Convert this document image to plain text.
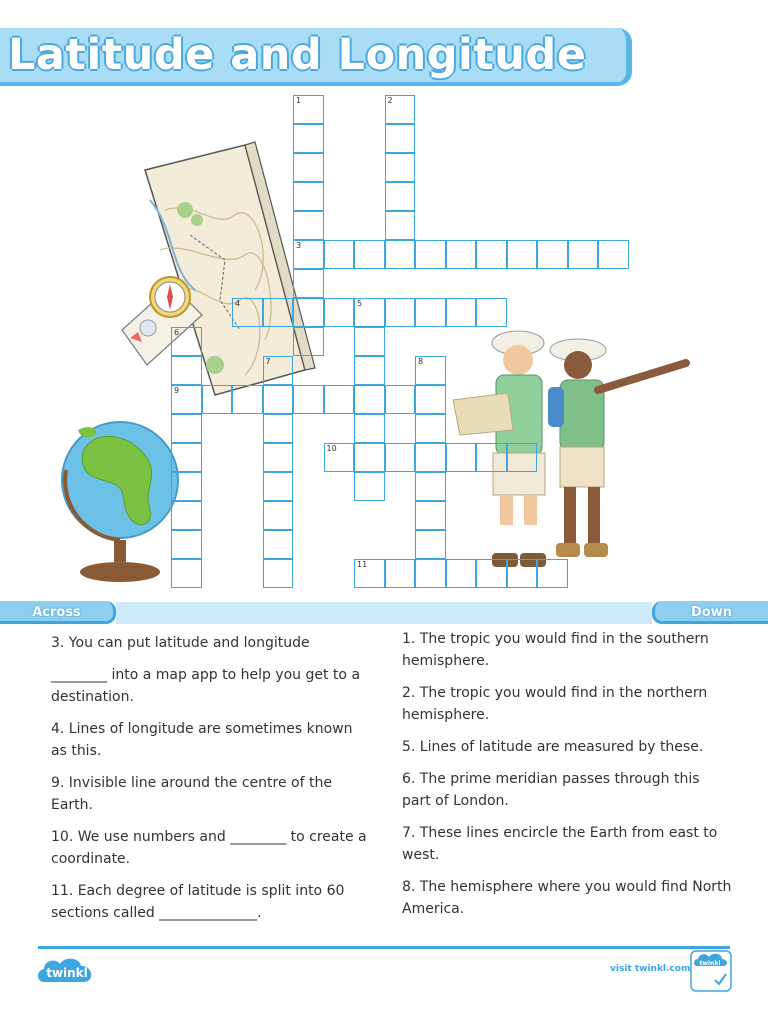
Latitude and Longitude
1
3
2
4	5
6
9
7	8
10
11
Across	Down

3. You can put latitude and longitude

________ into a map app to help you get to a destination.

4. Lines of longitude are sometimes known as this.

9. Invisible line around the centre of the Earth.

10. We use numbers and ________ to create a coordinate.

11. Each degree of latitude is split into 60 sections called ______________.

1. The tropic you would find in the southern hemisphere.

2. The tropic you would find in the northern hemisphere.

5. Lines of latitude are measured by these.

6. The prime meridian passes through this part of London.

7. These lines encircle the Earth from east to west.

8. The hemisphere where you would find North America.

twinkl	visit twinkl.com
twinkl
